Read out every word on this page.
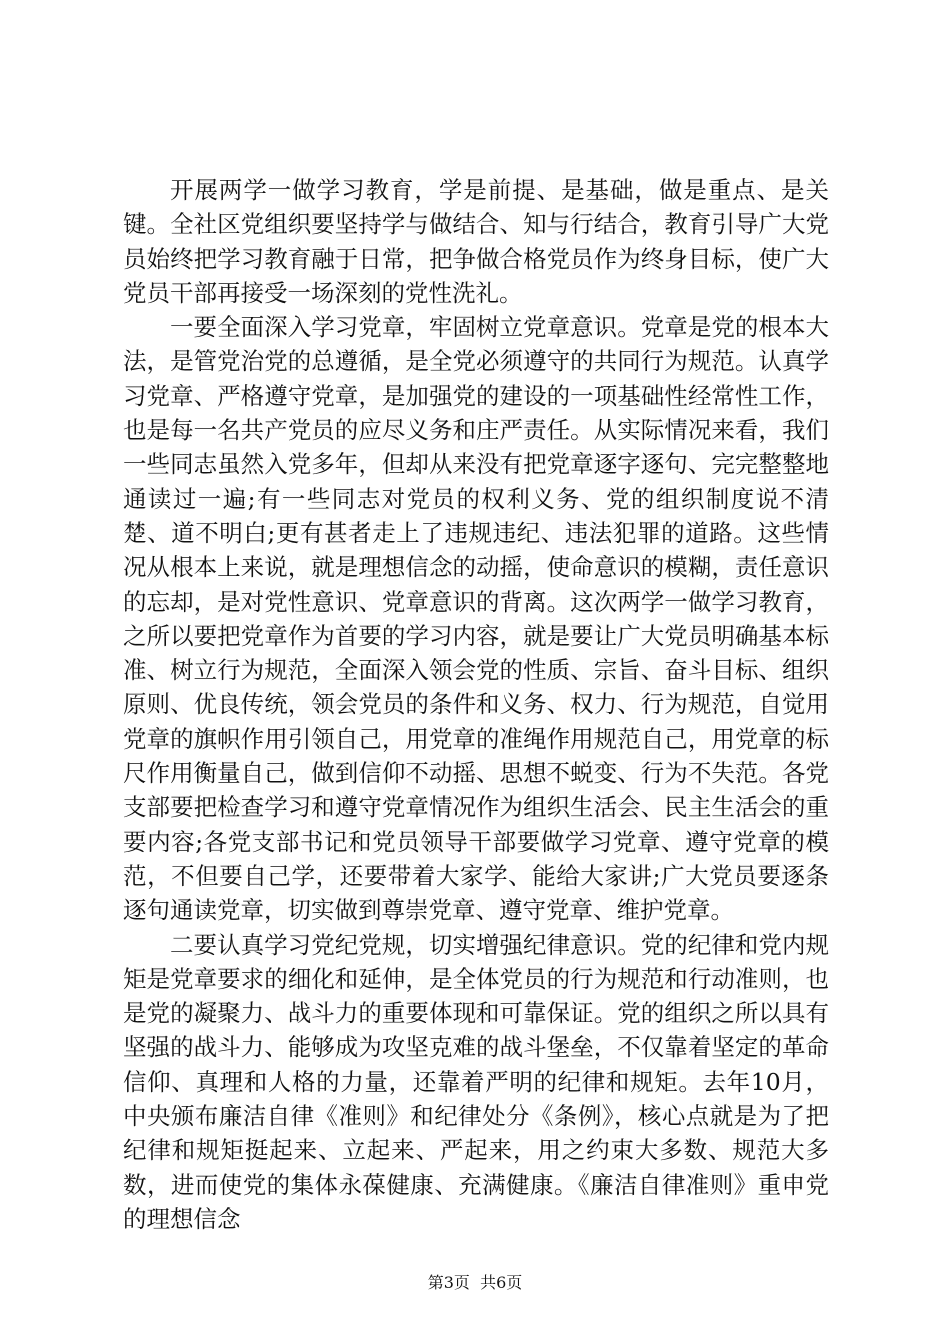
开展两学一做学习教育，学是前提、是基础，做是重点、是关键。全社区党组织要坚持学与做结合、知与行结合，教育引导广大党员始终把学习教育融于日常，把争做合格党员作为终身目标，使广大党员干部再接受一场深刻的党性洗礼。

一要全面深入学习党章，牢固树立党章意识。党章是党的根本大法，是管党治党的总遵循，是全党必须遵守的共同行为规范。认真学习党章、严格遵守党章，是加强党的建设的一项基础性经常性工作，也是每一名共产党员的应尽义务和庄严责任。从实际情况来看，我们一些同志虽然入党多年，但却从来没有把党章逐字逐句、完完整整地通读过一遍;有一些同志对党员的权利义务、党的组织制度说不清楚、道不明白;更有甚者走上了违规违纪、违法犯罪的道路。这些情况从根本上来说，就是理想信念的动摇，使命意识的模糊，责任意识的忘却，是对党性意识、党章意识的背离。这次两学一做学习教育，之所以要把党章作为首要的学习内容，就是要让广大党员明确基本标准、树立行为规范，全面深入领会党的性质、宗旨、奋斗目标、组织原则、优良传统，领会党员的条件和义务、权力、行为规范，自觉用党章的旗帜作用引领自己，用党章的准绳作用规范自己，用党章的标尺作用衡量自己，做到信仰不动摇、思想不蜕变、行为不失范。各党支部要把检查学习和遵守党章情况作为组织生活会、民主生活会的重要内容;各党支部书记和党员领导干部要做学习党章、遵守党章的模范，不但要自己学，还要带着大家学、能给大家讲;广大党员要逐条逐句通读党章，切实做到尊崇党章、遵守党章、维护党章。

二要认真学习党纪党规，切实增强纪律意识。党的纪律和党内规矩是党章要求的细化和延伸，是全体党员的行为规范和行动准则，也是党的凝聚力、战斗力的重要体现和可靠保证。党的组织之所以具有坚强的战斗力、能够成为攻坚克难的战斗堡垒，不仅靠着坚定的革命信仰、真理和人格的力量，还靠着严明的纪律和规矩。去年10月，中央颁布廉洁自律《准则》和纪律处分《条例》，核心点就是为了把纪律和规矩挺起来、立起来、严起来，用之约束大多数、规范大多数，进而使党的集体永葆健康、充满健康。《廉洁自律准则》重申党的理想信念

第3页  共6页
